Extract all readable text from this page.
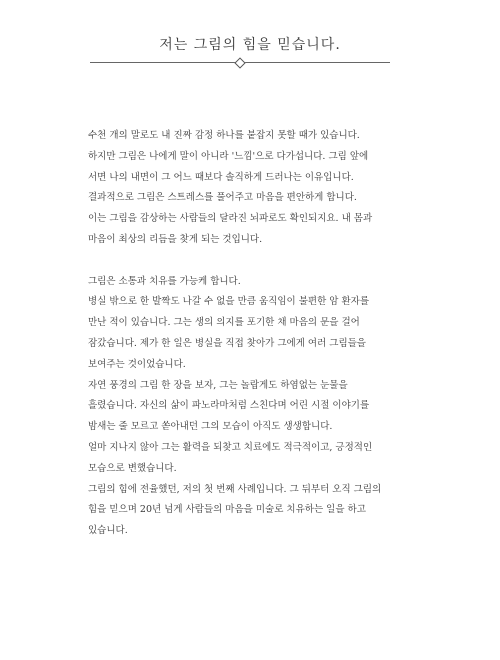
저는 그림의 힘을 믿습니다.
수천 개의 말로도 내 진짜 감정 하나를 붙잡지 못할 때가 있습니다.
하지만 그림은 나에게 말이 아니라 '느낌'으로 다가섭니다. 그림 앞에
서면 나의 내면이 그 어느 때보다 솔직하게 드러나는 이유입니다.
결과적으로 그림은 스트레스를 풀어주고 마음을 편안하게 합니다.
이는 그림을 감상하는 사람들의 달라진 뇌파로도 확인되지요. 내 몸과
마음이 최상의 리듬을 찾게 되는 것입니다.
그림은 소통과 치유를 가능케 합니다.
병실 밖으로 한 발짝도 나갈 수 없을 만큼 움직임이 불편한 암 환자를
만난 적이 있습니다. 그는 생의 의지를 포기한 채 마음의 문을 걸어
잠갔습니다. 제가 한 일은 병실을 직접 찾아가 그에게 여러 그림들을
보여주는 것이었습니다.
자연 풍경의 그림 한 장을 보자, 그는 놀랍게도 하염없는 눈물을
흘렸습니다. 자신의 삶이 파노라마처럼 스친다며 어린 시절 이야기를
밤새는 줄 모르고 쏟아내던 그의 모습이 아직도 생생합니다.
얼마 지나지 않아 그는 활력을 되찾고 치료에도 적극적이고, 긍정적인
모습으로 변했습니다.
그림의 힘에 전율했던, 저의 첫 번째 사례입니다. 그 뒤부터 오직 그림의
힘을 믿으며 20년 넘게 사람들의 마음을 미술로 치유하는 일을 하고
있습니다.
